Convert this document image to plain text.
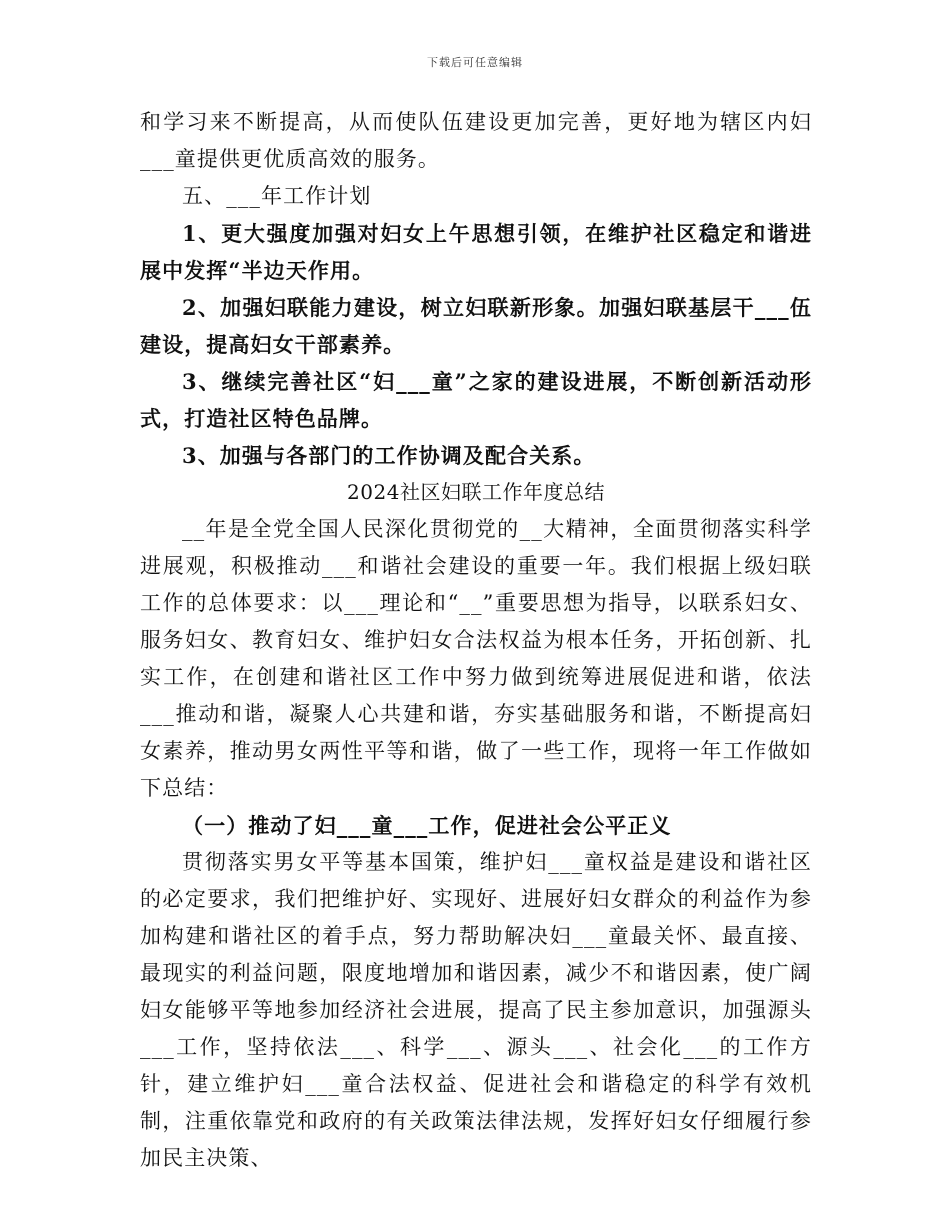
下载后可任意编辑

和学习来不断提高，从而使队伍建设更加完善，更好地为辖区内妇___童提供更优质高效的服务。

五、___年工作计划

1、更大强度加强对妇女上午思想引领，在维护社区稳定和谐进展中发挥“半边天作用。

2、加强妇联能力建设，树立妇联新形象。加强妇联基层干___伍建设，提高妇女干部素养。

3、继续完善社区“妇___童”之家的建设进展，不断创新活动形式，打造社区特色品牌。

3、加强与各部门的工作协调及配合关系。

2024社区妇联工作年度总结

__年是全党全国人民深化贯彻党的__大精神，全面贯彻落实科学进展观，积极推动___和谐社会建设的重要一年。我们根据上级妇联工作的总体要求：以___理论和“__”重要思想为指导，以联系妇女、服务妇女、教育妇女、维护妇女合法权益为根本任务，开拓创新、扎实工作，在创建和谐社区工作中努力做到统筹进展促进和谐，依法___推动和谐，凝聚人心共建和谐，夯实基础服务和谐，不断提高妇女素养，推动男女两性平等和谐，做了一些工作，现将一年工作做如下总结：

（一）推动了妇___童___工作，促进社会公平正义

贯彻落实男女平等基本国策，维护妇___童权益是建设和谐社区的必定要求，我们把维护好、实现好、进展好妇女群众的利益作为参加构建和谐社区的着手点，努力帮助解决妇___童最关怀、最直接、最现实的利益问题，限度地增加和谐因素，减少不和谐因素，使广阔妇女能够平等地参加经济社会进展，提高了民主参加意识，加强源头___工作，坚持依法___、科学___、源头___、社会化___的工作方针，建立维护妇___童合法权益、促进社会和谐稳定的科学有效机制，注重依靠党和政府的有关政策法律法规，发挥好妇女仔细履行参加民主决策、
